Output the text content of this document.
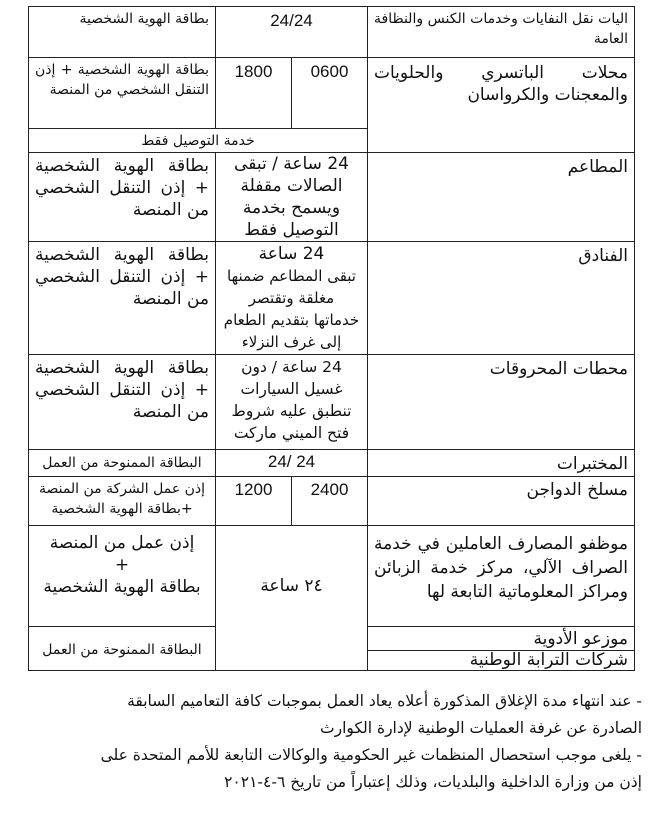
اليات نقل النفايات وخدمات الكنس والنظافة العامة
24/24
بطاقة الهوية الشخصية
محلات الباتسري والحلويات والمعجنات والكرواسان
0600
1800
بطاقة الهوية الشخصية + إذن التنقل الشخصي من المنصة
خدمة التوصيل فقط
المطاعم
24 ساعة / تبقى
الصالات مقفلة
ويسمح بخدمة
التوصيل فقط
بطاقة الهوية الشخصية + إذن التنقل الشخصي من المنصة
الفنادق
24 ساعة
تبقى المطاعم ضمنها
مغلقة وتقتصر
خدماتها بتقديم الطعام
إلى غرف النزلاء
بطاقة الهوية الشخصية + إذن التنقل الشخصي من المنصة
محطات المحروقات
24 ساعة / دون
غسيل السيارات
تنطبق عليه شروط
فتح الميني ماركت
بطاقة الهوية الشخصية + إذن التنقل الشخصي من المنصة
المختبرات
24/ 24
البطاقة الممنوحة من العمل
مسلخ الدواجن
2400
1200
إذن عمل الشركة من المنصة
+بطاقة الهوية الشخصية
موظفو المصارف العاملين في خدمة الصراف الآلي، مركز خدمة الزبائن ومراكز المعلوماتية التابعة لها
٢٤ ساعة
إذن عمل من المنصة
+
بطاقة الهوية الشخصية
موزعو الأدوية
البطاقة الممنوحة من العمل	شركات الترابة الوطنية
- عند انتهاء مدة الإغلاق المذكورة أعلاه يعاد العمل بموجبات كافة التعاميم السابقة
الصادرة عن غرفة العمليات الوطنية لإدارة الكوارث
- يلغى موجب استحصال المنظمات غير الحكومية والوكالات التابعة للأمم المتحدة على
إذن من وزارة الداخلية والبلديات، وذلك إعتباراً من تاريخ ٦-٤-٢٠٢١
